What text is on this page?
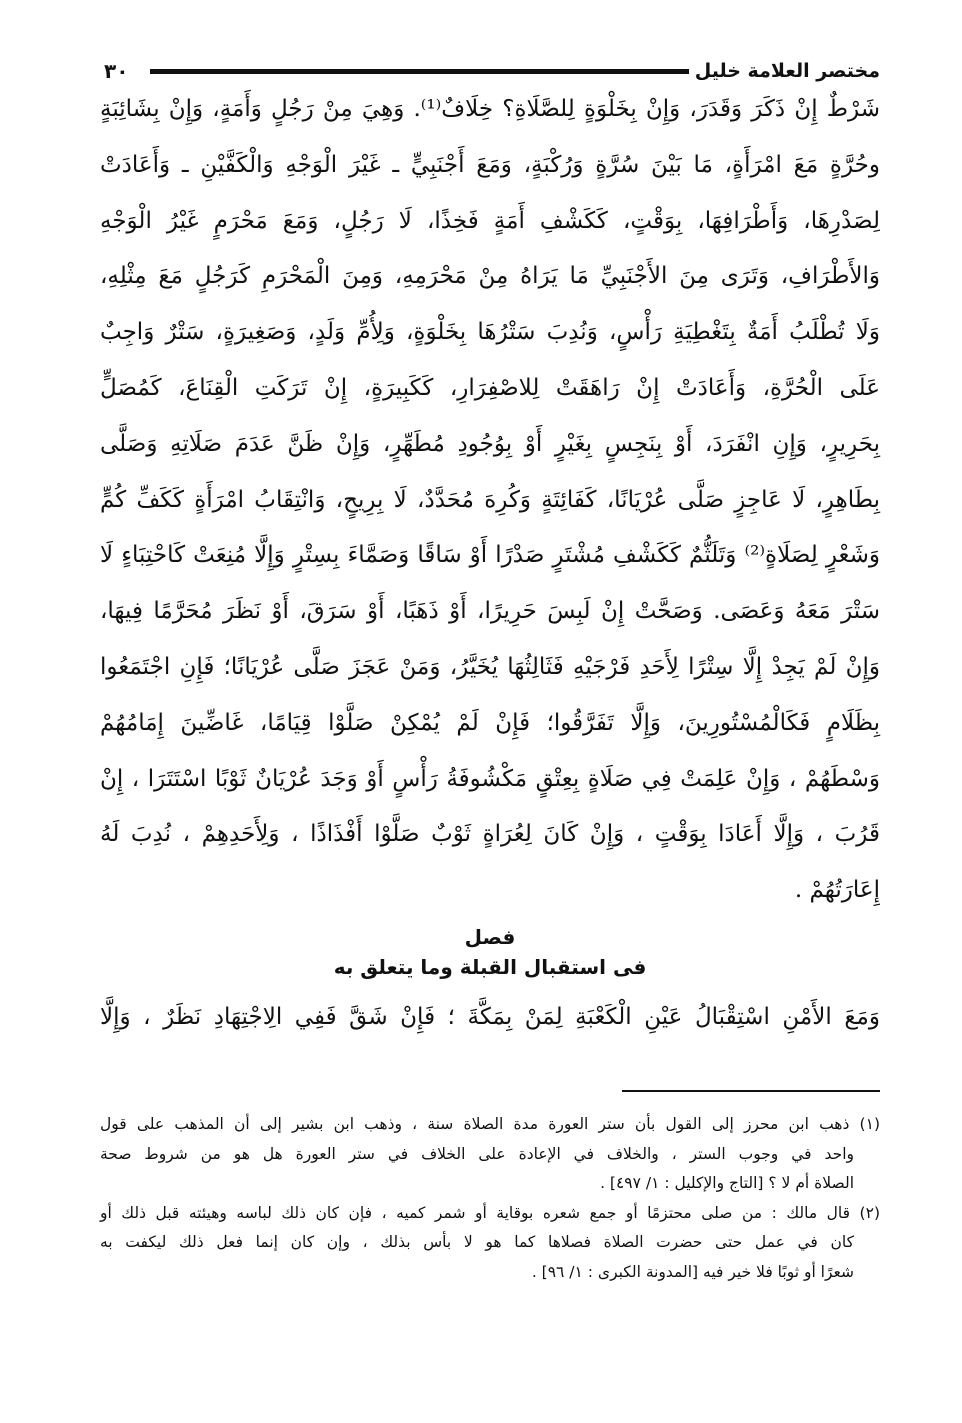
٣٠	مختصر العلامة خليل
شَرْطٌ إِنْ ذَكَرَ وَقَدَرَ، وَإِنْ بِخَلْوَةٍ لِلصَّلَاةِ؟ خِلَافٌ⁽¹⁾. وَهِيَ مِنْ رَجُلٍ وَأَمَةٍ، وَإِنْ بِشَائِبَةٍ
وحُرَّةٍ مَعَ امْرَأَةٍ، مَا بَيْنَ سُرَّةٍ وَرُكْبَةٍ، وَمَعَ أَجْنَبِيٍّ ـ غَيْرَ الْوَجْهِ وَالْكَفَّيْنِ ـ وَأَعَادَتْ
لِصَدْرِهَا، وَأَطْرَافِهَا، بِوَقْتٍ، كَكَشْفِ أَمَةٍ فَخِذًا، لَا رَجُلٍ، وَمَعَ مَحْرَمٍ غَيْرُ الْوَجْهِ
وَالأَطْرَافِ، وَتَرَى مِنَ الأَجْنَبِيِّ مَا يَرَاهُ مِنْ مَحْرَمِهِ، وَمِنَ الْمَحْرَمِ كَرَجُلٍ مَعَ مِثْلِهِ،
وَلَا تُطْلَبُ أَمَةٌ بِتَغْطِيَةِ رَأْسٍ، وَنُدِبَ سَتْرُهَا بِخَلْوَةٍ، وَلِأُمِّ وَلَدٍ، وَصَغِيرَةٍ، سَتْرٌ وَاجِبٌ
عَلَى الْحُرَّةِ، وَأَعَادَتْ إِنْ رَاهَقَتْ لِلاصْفِرَارِ، كَكَبِيرَةٍ، إِنْ تَرَكَتِ الْقِنَاعَ، كَمُصَلٍّ
بِحَرِيرٍ، وَإِنِ انْفَرَدَ، أَوْ بِنَجِسٍ بِغَيْرٍ أَوْ بِوُجُودِ مُطَهِّرٍ، وَإِنْ ظَنَّ عَدَمَ صَلَاتِهِ وَصَلَّى
بِطَاهِرٍ، لَا عَاجِزٍ صَلَّى عُرْيَانًا، كَفَائِتَةٍ وَكُرِهَ مُحَدَّدٌ، لَا بِرِيحٍ، وَانْتِقَابُ امْرَأَةٍ كَكَفِّ كُمٍّ
وَشَعْرٍ لِصَلَاةٍ⁽²⁾ وَتَلَثُّمٌ كَكَشْفِ مُشْتَرٍ صَدْرًا أَوْ سَاقًا وَصَمَّاءَ بِسِتْرٍ وَإِلَّا مُنِعَتْ كَاحْتِبَاءٍ لَا
سَتْرَ مَعَهُ وَعَصَى. وَصَحَّتْ إِنْ لَبِسَ حَرِيرًا، أَوْ ذَهَبًا، أَوْ سَرَقَ، أَوْ نَظَرَ مُحَرَّمًا فِيهَا،
وَإِنْ لَمْ يَجِدْ إِلَّا سِتْرًا لِأَحَدِ فَرْجَيْهِ فَثَالِثُهَا يُخَيَّرُ، وَمَنْ عَجَزَ صَلَّى عُرْيَانًا؛ فَإِنِ اجْتَمَعُوا
بِظَلَامٍ فَكَالْمُسْتُورِينَ، وَإِلَّا تَفَرَّقُوا؛ فَإِنْ لَمْ يُمْكِنْ صَلَّوْا قِيَامًا، غَاضِّينَ إِمَامُهُمْ
وَسْطَهُمْ ، وَإِنْ عَلِمَتْ فِي صَلَاةٍ بِعِتْقٍ مَكْشُوفَةُ رَأْسٍ أَوْ وَجَدَ عُرْيَانٌ ثَوْبًا اسْتَتَرَا ، إِنْ
قَرُبَ ، وَإِلَّا أَعَادَا بِوَقْتٍ ، وَإِنْ كَانَ لِعُرَاةٍ ثَوْبٌ صَلَّوْا أَفْذَاذًا ، وَلِأَحَدِهِمْ ، نُدِبَ لَهُ
إِعَارَتُهُمْ .
فصل
فى استقبال القبلة وما يتعلق به
وَمَعَ الأَمْنِ اسْتِقْبَالُ عَيْنِ الْكَعْبَةِ لِمَنْ بِمَكَّةَ ؛ فَإِنْ شَقَّ فَفِي الِاجْتِهَادِ نَظَرٌ ، وَإِلَّا
(١) ذهب ابن محرز إلى القول بأن ستر العورة مدة الصلاة سنة ، وذهب ابن بشير إلى أن المذهب على قول
واحد في وجوب الستر ، والخلاف في الإعادة على الخلاف في ستر العورة هل هو من شروط صحة
الصلاة أم لا ؟ [التاج والإكليل : ١/ ٤٩٧] .
(٢) قال مالك : من صلى محتزمًا أو جمع شعره بوقاية أو شمر كميه ، فإن كان ذلك لباسه وهيئته قبل ذلك أو
كان في عمل حتى حضرت الصلاة فصلاها كما هو لا بأس بذلك ، وإن كان إنما فعل ذلك ليكفت به
شعرًا أو ثوبًا فلا خير فيه [المدونة الكبرى : ١/ ٩٦] .
